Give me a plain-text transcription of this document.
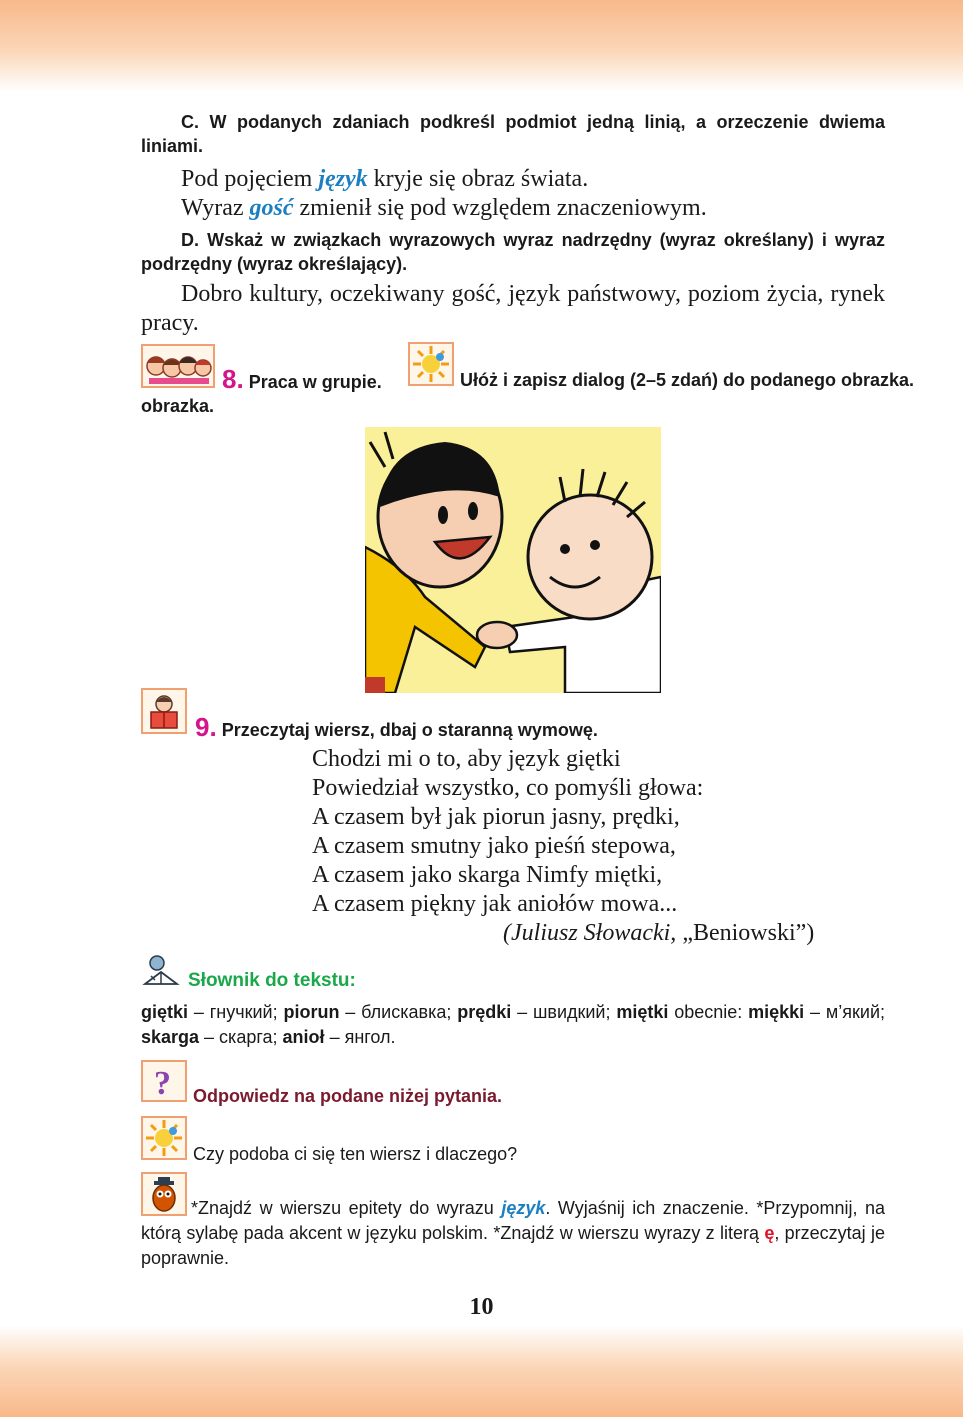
C. W podanych zdaniach podkreśl podmiot jedną linią, a orzeczenie dwiema liniami.
Pod pojęciem język kryje się obraz świata.
Wyraz gość zmienił się pod względem znaczeniowym.
D. Wskaż w związkach wyrazowych wyraz nadrzędny (wyraz określany) i wyraz podrzędny (wyraz określający).
Dobro kultury, oczekiwany gość, język państwowy, poziom życia, rynek pracy.
8. Praca w grupie.	Ułóż i zapisz dialog (2–5 zdań) do podanego obrazka.
obrazka.
9. Przeczytaj wiersz, dbaj o staranną wymowę.
Chodzi mi o to, aby język giętki
Powiedział wszystko, co pomyśli głowa:
A czasem był jak piorun jasny, prędki,
A czasem smutny jako pieśń stepowa,
A czasem jako skarga Nimfy miętki,
A czasem piękny jak aniołów mowa...
(Juliusz Słowacki, „Beniowski”)
Słownik do tekstu:
giętki – гнучкий; piorun – блискавка; prędki – швидкий; miętki obecnie: miękki – м’який; skarga – скарга; anioł – янгол.
? Odpowiedz na podane niżej pytania.
Czy podoba ci się ten wiersz i dlaczego?
*Znajdź w wierszu epitety do wyrazu język. Wyjaśnij ich znaczenie. *Przypomnij, na którą sylabę pada akcent w języku polskim. *Znajdź w wierszu wyrazy z literą ę, przeczytaj je poprawnie.
10
